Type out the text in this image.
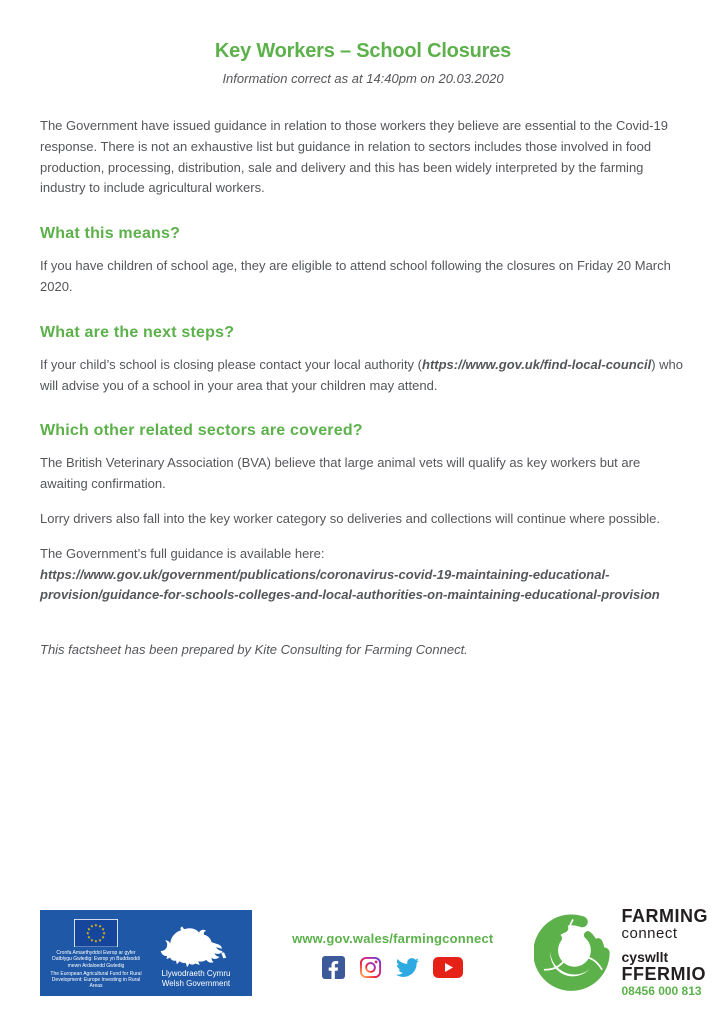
Key Workers – School Closures
Information correct as at 14:40pm on 20.03.2020

The Government have issued guidance in relation to those workers they believe are essential to the Covid-19 response. There is not an exhaustive list but guidance in relation to sectors includes those involved in food production, processing, distribution, sale and delivery and this has been widely interpreted by the farming industry to include agricultural workers.

What this means?

If you have children of school age, they are eligible to attend school following the closures on Friday 20 March 2020.

What are the next steps?

If your child’s school is closing please contact your local authority (https://www.gov.uk/find-local-council) who will advise you of a school in your area that your children may attend.

Which other related sectors are covered?

The British Veterinary Association (BVA) believe that large animal vets will qualify as key workers but are awaiting confirmation.

Lorry drivers also fall into the key worker category so deliveries and collections will continue where possible.

The Government’s full guidance is available here:
https://www.gov.uk/government/publications/coronavirus-covid-19-maintaining-educational-provision/guidance-for-schools-colleges-and-local-authorities-on-maintaining-educational-provision

This factsheet has been prepared by Kite Consulting for Farming Connect.

★
★
★
★
★
★
★
★
★ ★ ★
★
Cronfa Amaethyddol Ewrop ar gyfer Datblygu Gwledig: Ewrop yn Buddsoddi mewn Ardaloedd Gwledig
The European Agricultural Fund for Rural Development: Europe Investing in Rural Areas
Llywodraeth Cymru
Welsh Government
www.gov.wales/farmingconnect
FARMING
connect
cyswllt
FFERMIO
08456 000 813
